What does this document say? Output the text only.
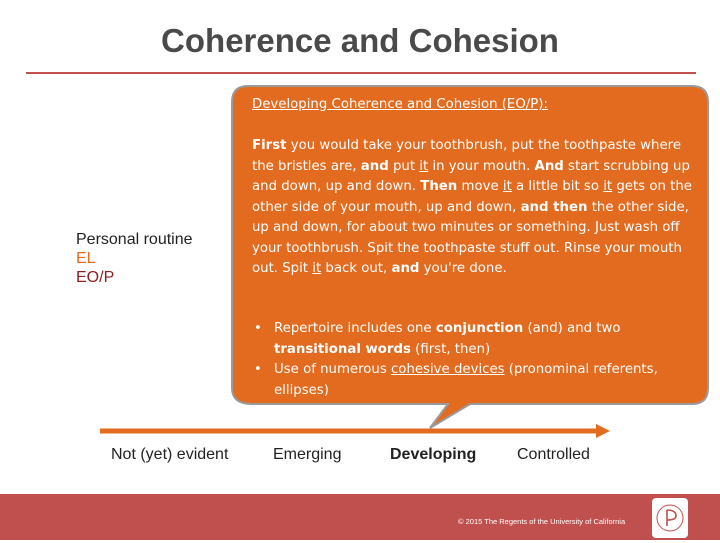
Coherence and Cohesion
Developing Coherence and Cohesion (EO/P):
First you would take your toothbrush, put the toothpaste where the bristles are, and put it in your mouth. And start scrubbing up and down, up and down. Then move it a little bit so it gets on the other side of your mouth, up and down, and then the other side, up and down, for about two minutes or something. Just wash off your toothbrush. Spit the toothpaste stuff out. Rinse your mouth out. Spit it back out, and you're done.
• Repertoire includes one conjunction (and) and two transitional words (first, then)
• Use of numerous cohesive devices (pronominal referents, ellipses)
Personal routine
EL
EO/P
Not (yet) evident	Emerging	Developing	Controlled
© 2015 The Regents of the University of California
